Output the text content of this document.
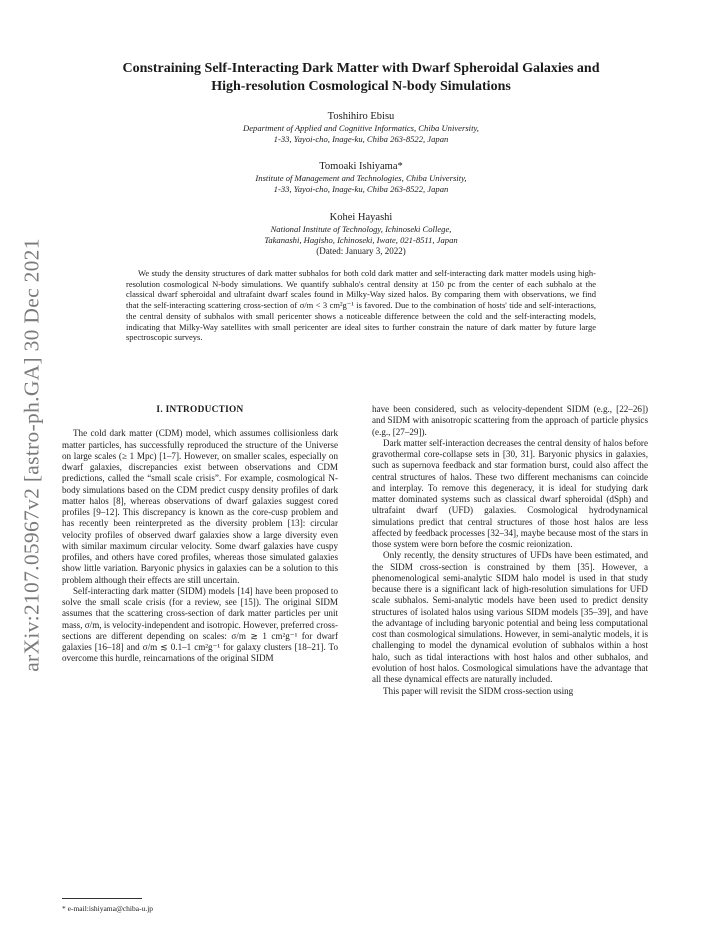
arXiv:2107.05967v2 [astro-ph.GA] 30 Dec 2021
Constraining Self-Interacting Dark Matter with Dwarf Spheroidal Galaxies and
High-resolution Cosmological N-body Simulations
Toshihiro Ebisu
Department of Applied and Cognitive Informatics, Chiba University,
1-33, Yayoi-cho, Inage-ku, Chiba 263-8522, Japan
Tomoaki Ishiyama*
Institute of Management and Technologies, Chiba University,
1-33, Yayoi-cho, Inage-ku, Chiba 263-8522, Japan
Kohei Hayashi
National Institute of Technology, Ichinoseki College,
Takanashi, Hagisho, Ichinoseki, Iwate, 021-8511, Japan
(Dated: January 3, 2022)

We study the density structures of dark matter subhalos for both cold dark matter and self-interacting dark matter models using high-resolution cosmological N-body simulations. We quantify subhalo's central density at 150 pc from the center of each subhalo at the classical dwarf spheroidal and ultrafaint dwarf scales found in Milky-Way sized halos. By comparing them with observations, we find that the self-interacting scattering cross-section of σ/m < 3 cm²g⁻¹ is favored. Due to the combination of hosts' tide and self-interactions, the central density of subhalos with small pericenter shows a noticeable difference between the cold and the self-interacting models, indicating that Milky-Way satellites with small pericenter are ideal sites to further constrain the nature of dark matter by future large spectroscopic surveys.

I. INTRODUCTION

The cold dark matter (CDM) model, which assumes collisionless dark matter particles, has successfully reproduced the structure of the Universe on large scales (≥ 1 Mpc) [1–7]. However, on smaller scales, especially on dwarf galaxies, discrepancies exist between observations and CDM predictions, called the “small scale crisis”. For example, cosmological N-body simulations based on the CDM predict cuspy density profiles of dark matter halos [8], whereas observations of dwarf galaxies suggest cored profiles [9–12]. This discrepancy is known as the core-cusp problem and has recently been reinterpreted as the diversity problem [13]: circular velocity profiles of observed dwarf galaxies show a large diversity even with similar maximum circular velocity. Some dwarf galaxies have cuspy profiles, and others have cored profiles, whereas those simulated galaxies show little variation. Baryonic physics in galaxies can be a solution to this problem although their effects are still uncertain.

Self-interacting dark matter (SIDM) models [14] have been proposed to solve the small scale crisis (for a review, see [15]). The original SIDM assumes that the scattering cross-section of dark matter particles per unit mass, σ/m, is velocity-independent and isotropic. However, preferred cross-sections are different depending on scales: σ/m ≳ 1 cm²g⁻¹ for dwarf galaxies [16–18] and σ/m ≲ 0.1–1 cm²g⁻¹ for galaxy clusters [18–21]. To overcome this hurdle, reincarnations of the original SIDM

have been considered, such as velocity-dependent SIDM (e.g., [22–26]) and SIDM with anisotropic scattering from the approach of particle physics (e.g., [27–29]).

Dark matter self-interaction decreases the central density of halos before gravothermal core-collapse sets in [30, 31]. Baryonic physics in galaxies, such as supernova feedback and star formation burst, could also affect the central structures of halos. These two different mechanisms can coincide and interplay. To remove this degeneracy, it is ideal for studying dark matter dominated systems such as classical dwarf spheroidal (dSph) and ultrafaint dwarf (UFD) galaxies. Cosmological hydrodynamical simulations predict that central structures of those host halos are less affected by feedback processes [32–34], maybe because most of the stars in those system were born before the cosmic reionization.

Only recently, the density structures of UFDs have been estimated, and the SIDM cross-section is constrained by them [35]. However, a phenomenological semi-analytic SIDM halo model is used in that study because there is a significant lack of high-resolution simulations for UFD scale subhalos. Semi-analytic models have been used to predict density structures of isolated halos using various SIDM models [35–39], and have the advantage of including baryonic potential and being less computational cost than cosmological simulations. However, in semi-analytic models, it is challenging to model the dynamical evolution of subhalos within a host halo, such as tidal interactions with host halos and other subhalos, and evolution of host halos. Cosmological simulations have the advantage that all these dynamical effects are naturally included.

This paper will revisit the SIDM cross-section using

* e-mail:ishiyama@chiba-u.jp
